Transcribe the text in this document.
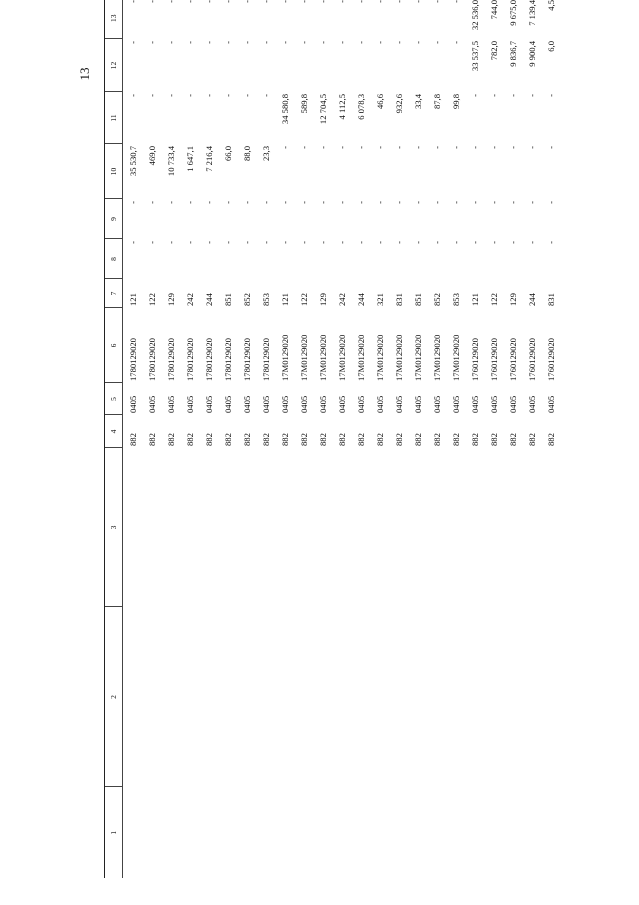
13
1	2	3	4	5	6	7	8	9	10	11	12	13
			882	0405	1780129020	121	-	-	35 530,7	-	-	-
			882	0405	1780129020	122	-	-	469,0	-	-	-
			882	0405	1780129020	129	-	-	10 733,4	-	-	-
			882	0405	1780129020	242	-	-	1 647,1	-	-	-
			882	0405	1780129020	244	-	-	7 216,4	-	-	-
			882	0405	1780129020	851	-	-	66,0	-	-	-
			882	0405	1780129020	852	-	-	88,0	-	-	-
			882	0405	1780129020	853	-	-	23,3	-	-	-
			882	0405	17M0129020	121	-	-	-	34 580,8	-	-
			882	0405	17M0129020	122	-	-	-	589,8	-	-
			882	0405	17M0129020	129	-	-	-	12 704,5	-	-
			882	0405	17M0129020	242	-	-	-	4 112,5	-	-
			882	0405	17M0129020	244	-	-	-	6 078,3	-	-
			882	0405	17M0129020	321	-	-	-	46,6	-	-
			882	0405	17M0129020	831	-	-	-	932,6	-	-
			882	0405	17M0129020	851	-	-	-	33,4	-	-
			882	0405	17M0129020	852	-	-	-	87,8	-	-
			882	0405	17M0129020	853	-	-	-	99,8	-	-
			882	0405	1760129020	121	-	-	-	-	33 537,5	32 536,0
			882	0405	1760129020	122	-	-	-	-	782,0	744,0
			882	0405	1760129020	129	-	-	-	-	9 836,7	9 675,0
			882	0405	1760129020	244	-	-	-	-	9 900,4	7 139,4
			882	0405	1760129020	831	-	-	-	-	6,0	4,5
